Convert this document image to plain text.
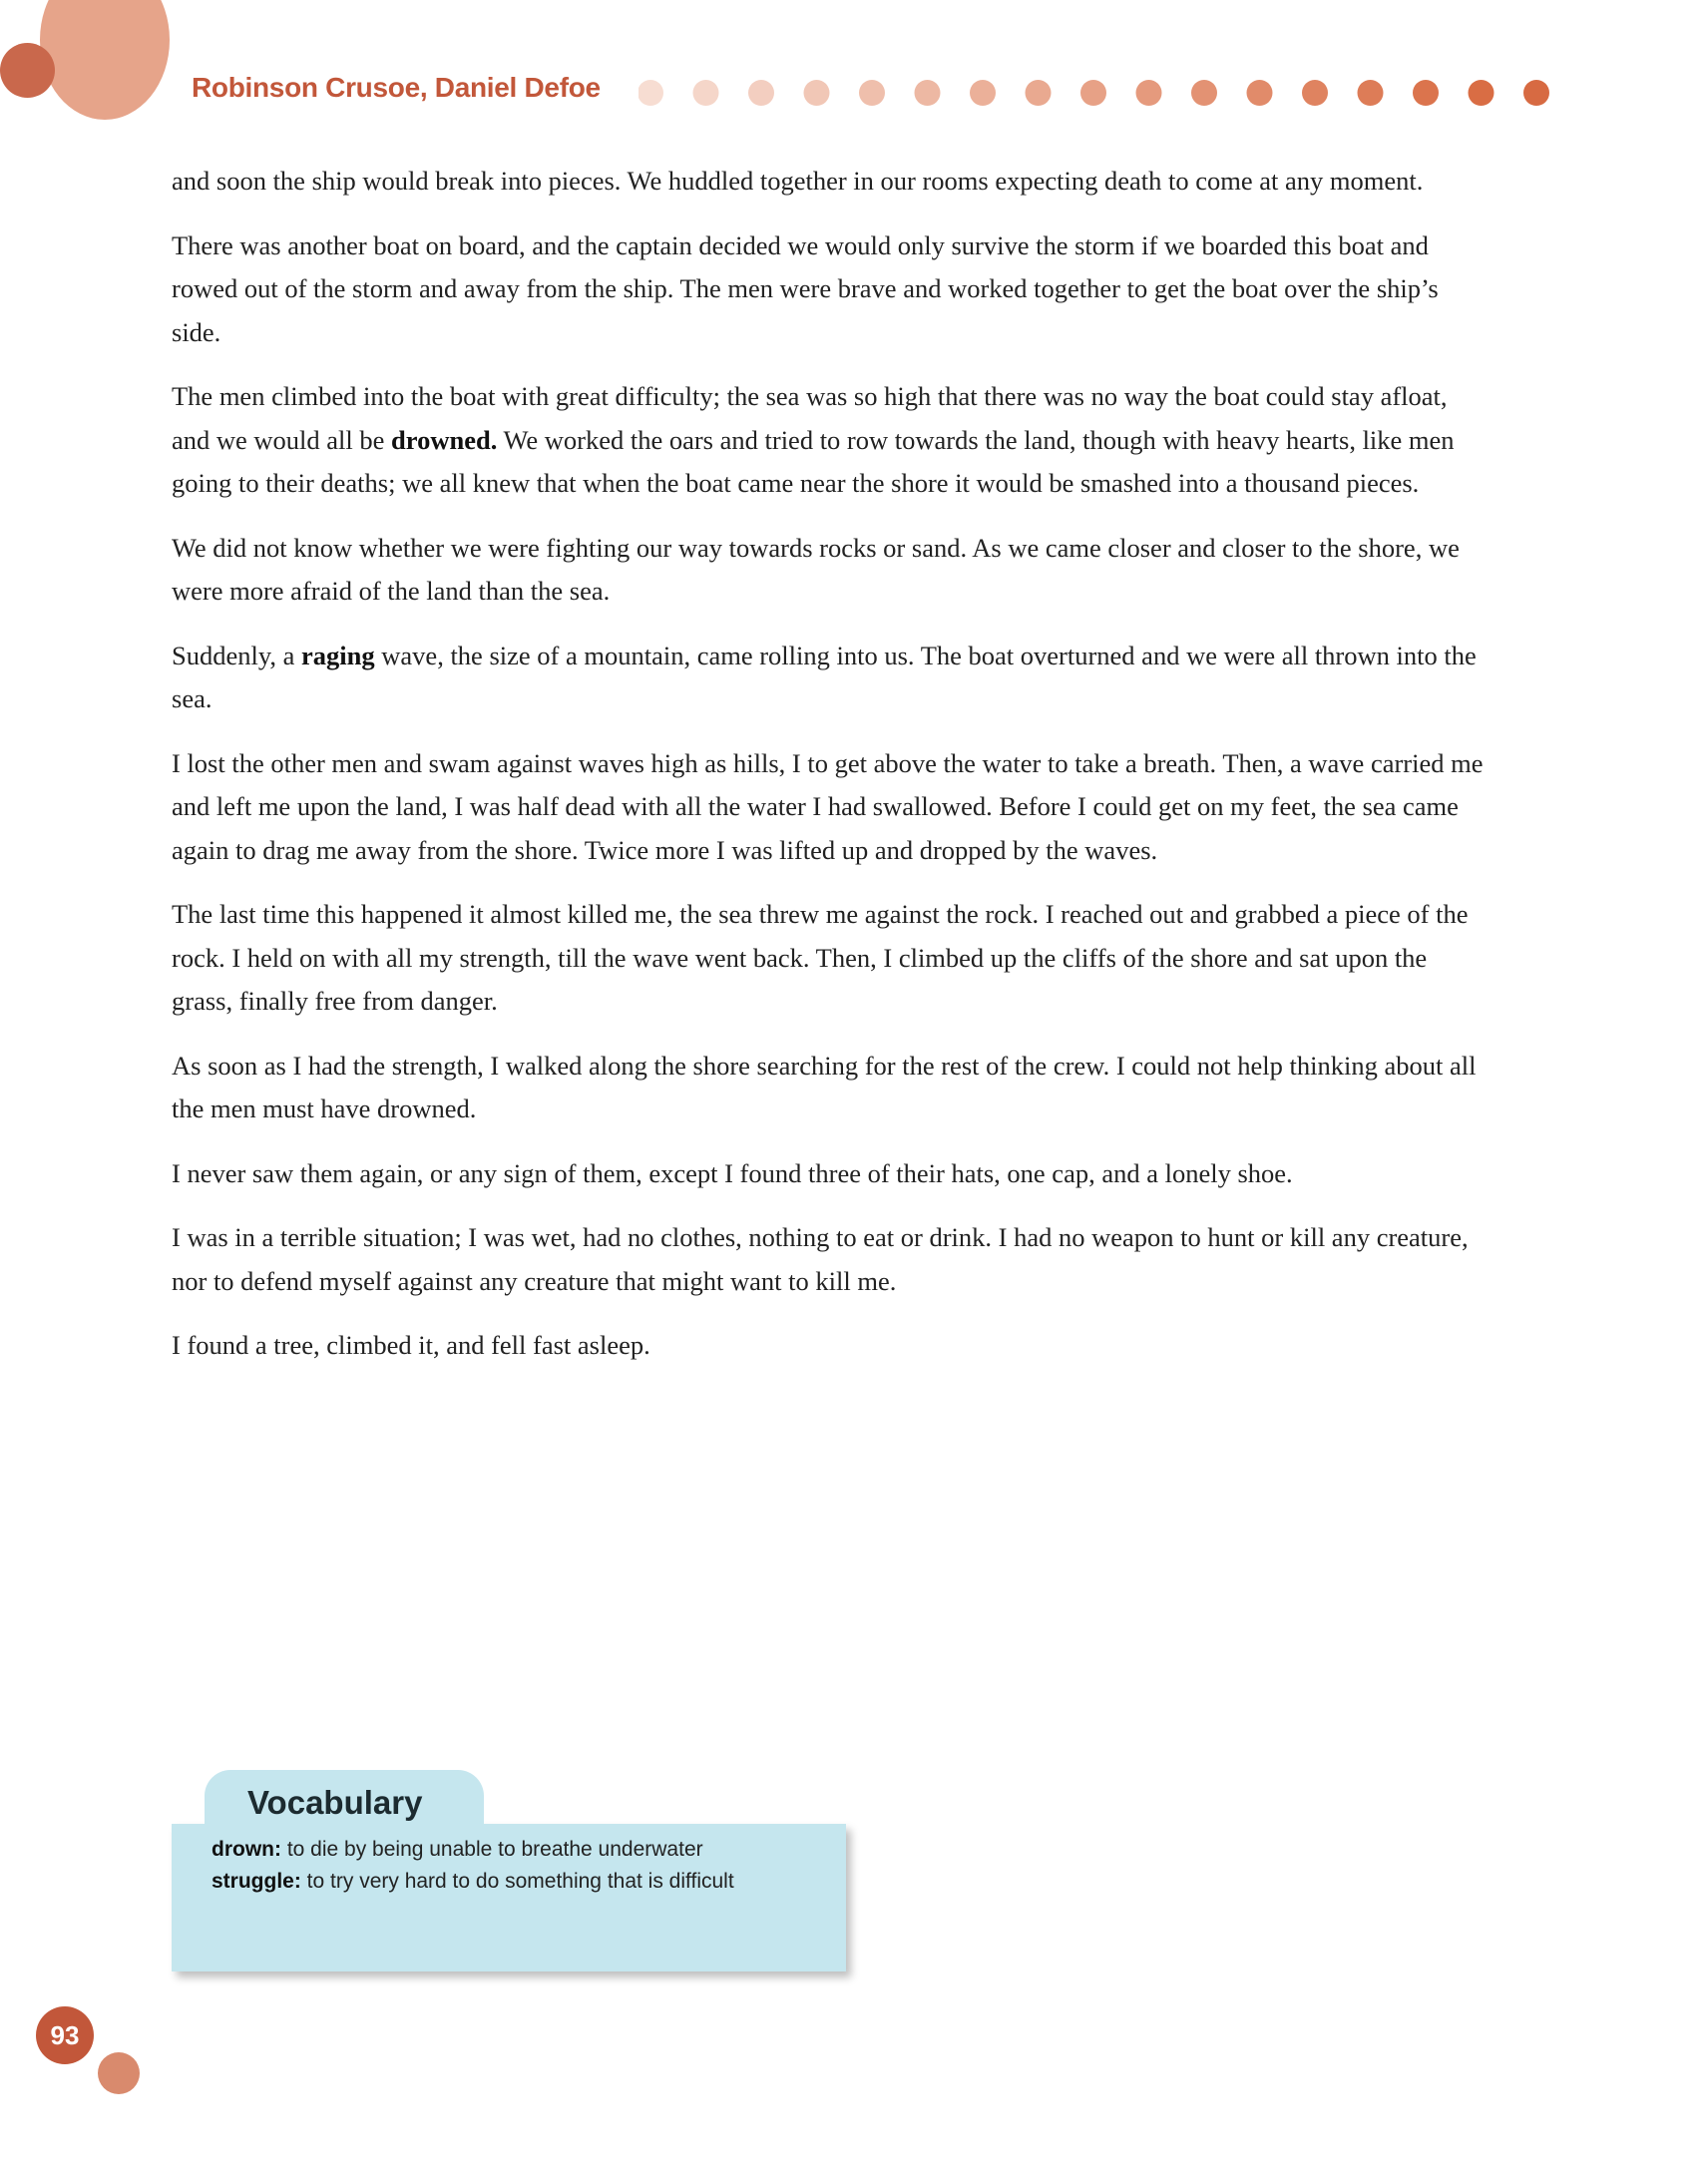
Robinson Crusoe, Daniel Defoe

and soon the ship would break into pieces. We huddled together in our rooms expecting death to come at any moment.

There was another boat on board, and the captain decided we would only survive the storm if we boarded this boat and rowed out of the storm and away from the ship. The men were brave and worked together to get the boat over the ship’s side.

The men climbed into the boat with great difficulty; the sea was so high that there was no way the boat could stay afloat, and we would all be drowned. We worked the oars and tried to row towards the land, though with heavy hearts, like men going to their deaths; we all knew that when the boat came near the shore it would be smashed into a thousand pieces.

We did not know whether we were fighting our way towards rocks or sand. As we came closer and closer to the shore, we were more afraid of the land than the sea.

Suddenly, a raging wave, the size of a mountain, came rolling into us. The boat overturned and we were all thrown into the sea.

I lost the other men and swam against waves high as hills, I to get above the water to take a breath. Then, a wave carried me and left me upon the land, I was half dead with all the water I had swallowed. Before I could get on my feet, the sea came again to drag me away from the shore. Twice more I was lifted up and dropped by the waves.

The last time this happened it almost killed me, the sea threw me against the rock. I reached out and grabbed a piece of the rock. I held on with all my strength, till the wave went back. Then, I climbed up the cliffs of the shore and sat upon the grass, finally free from danger.

As soon as I had the strength, I walked along the shore searching for the rest of the crew. I could not help thinking about all the men must have drowned.

I never saw them again, or any sign of them, except I found three of their hats, one cap, and a lonely shoe.

I was in a terrible situation; I was wet, had no clothes, nothing to eat or drink. I had no weapon to hunt or kill any creature, nor to defend myself against any creature that might want to kill me.

I found a tree, climbed it, and fell fast asleep.

Vocabulary

drown: to die by being unable to breathe underwater

struggle: to try very hard to do something that is difficult

93
